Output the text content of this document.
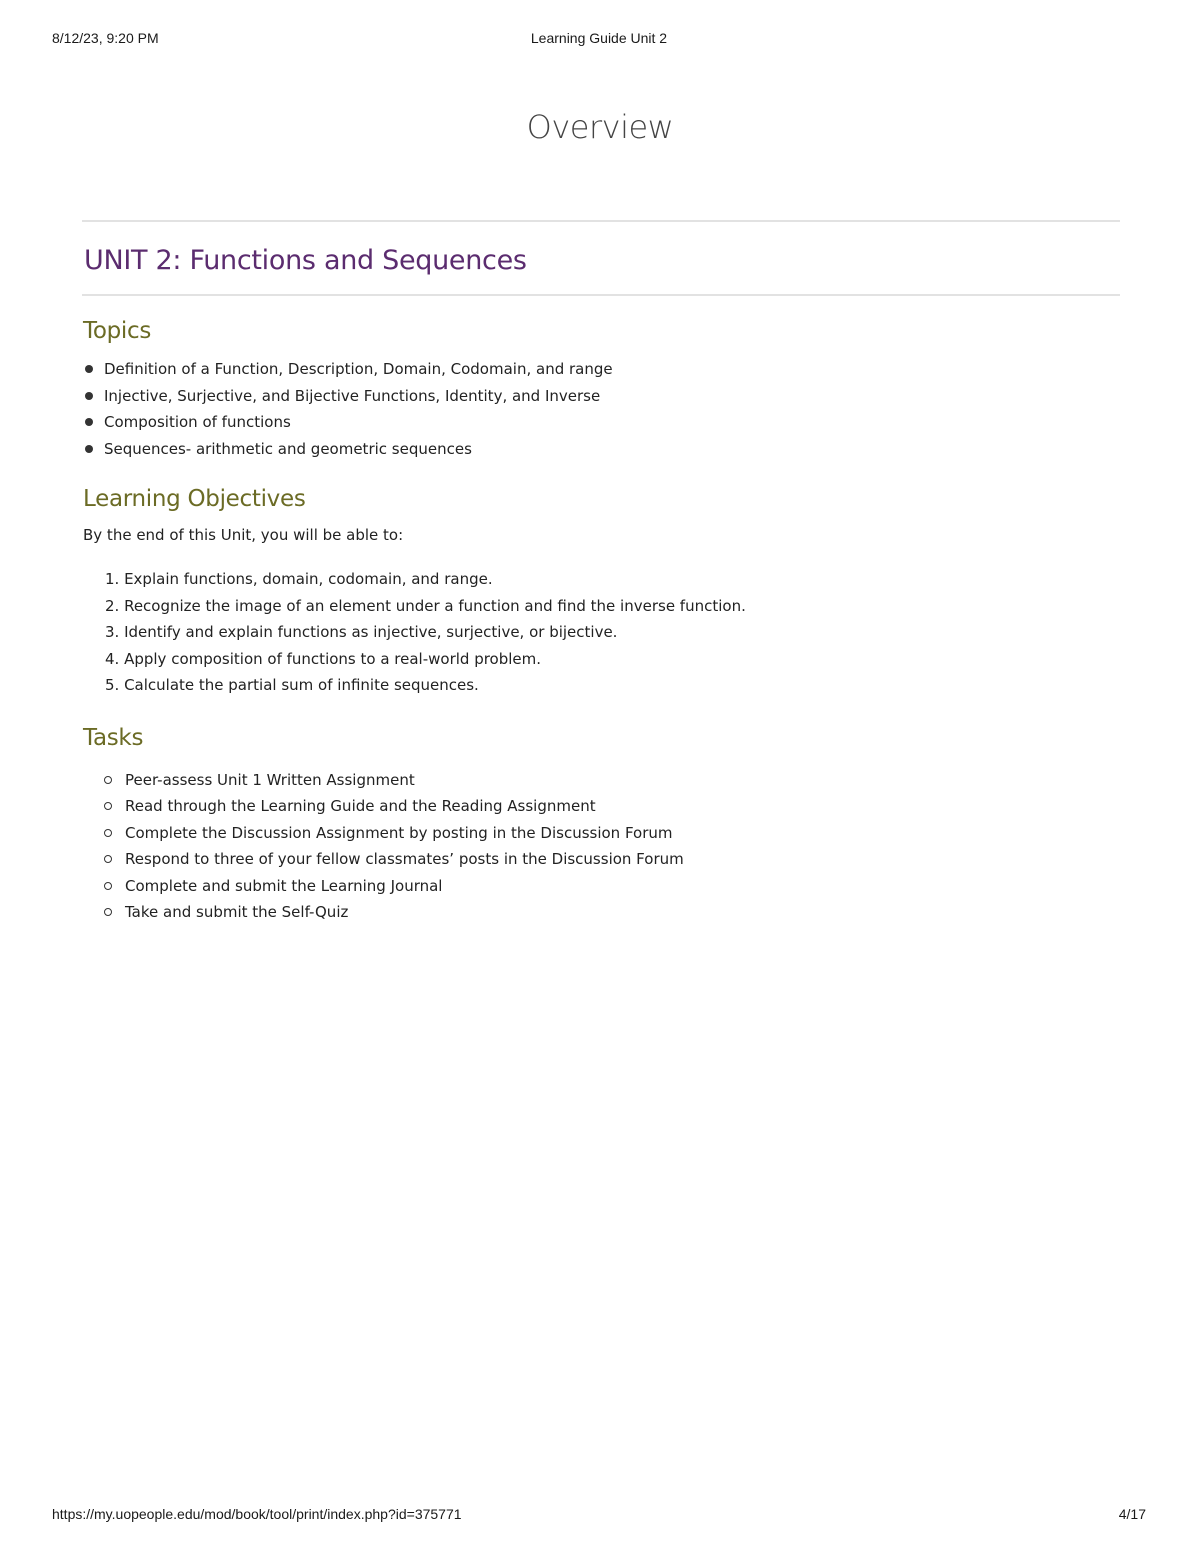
8/12/23, 9:20 PM	Learning Guide Unit 2
Overview
UNIT 2: Functions and Sequences
Topics
Definition of a Function, Description, Domain, Codomain, and range
Injective, Surjective, and Bijective Functions, Identity, and Inverse
Composition of functions
Sequences- arithmetic and geometric sequences
Learning Objectives

By the end of this Unit, you will be able to:

1. Explain functions, domain, codomain, and range.
2. Recognize the image of an element under a function and find the inverse function.
3. Identify and explain functions as injective, surjective, or bijective.
4. Apply composition of functions to a real-world problem.
5. Calculate the partial sum of infinite sequences.
Tasks
Peer-assess Unit 1 Written Assignment
Read through the Learning Guide and the Reading Assignment
Complete the Discussion Assignment by posting in the Discussion Forum
Respond to three of your fellow classmates’ posts in the Discussion Forum
Complete and submit the Learning Journal
Take and submit the Self-Quiz
https://my.uopeople.edu/mod/book/tool/print/index.php?id=375771	4/17
